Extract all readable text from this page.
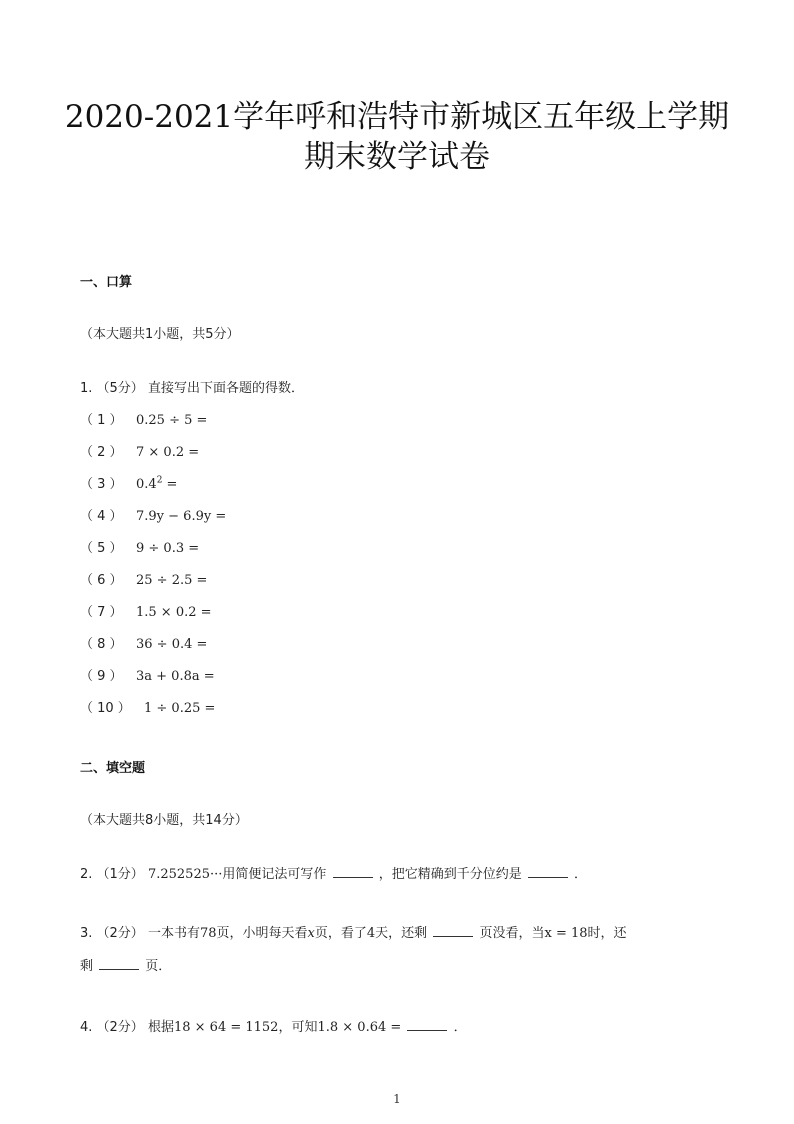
2020-2021学年呼和浩特市新城区五年级上学期
期末数学试卷
一、口算
（本大题共1小题，共5分）
1. （5分） 直接写出下面各题的得数．
（ 1 ） 0.25 ÷ 5 =
（ 2 ） 7 × 0.2 =
（ 3 ） $0.4^2$ =
（ 4 ） 7.9y − 6.9y =
（ 5 ） 9 ÷ 0.3 =
（ 6 ） 25 ÷ 2.5 =
（ 7 ） 1.5 × 0.2 =
（ 8 ） 36 ÷ 0.4 =
（ 9 ） 3a + 0.8a =
（ 10 ） 1 ÷ 0.25 =
二、填空题
（本大题共8小题，共14分）
2. （1分） 7.252525···用简便记法可写作	，把它精确到千分位约是	．
3. （2分） 一本书有78页，小明每天看x页，看了4天，还剩	页没看，当x = 18时，还
剩	页．
4. （2分） 根据18 × 64 = 1152，可知1.8 × 0.64 =	．
1
